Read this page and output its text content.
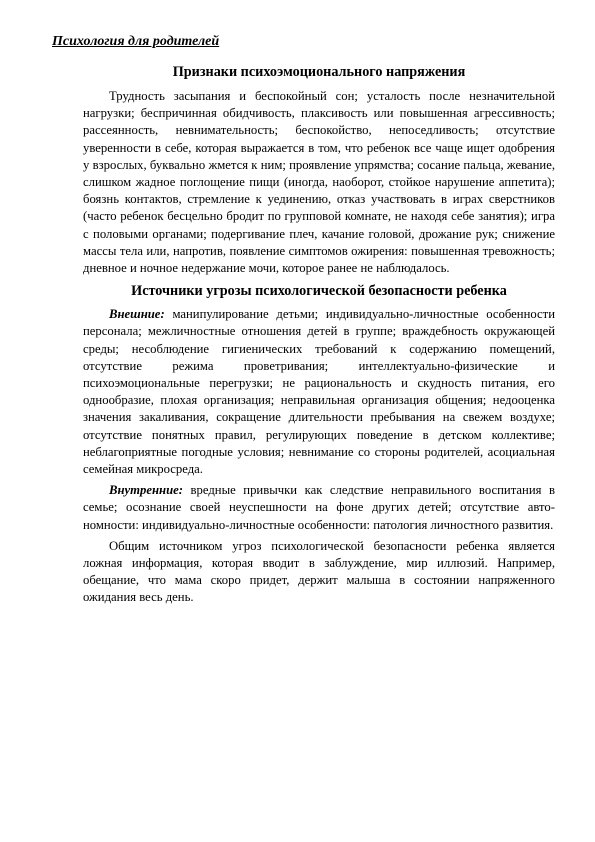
Психология для родителей
Признаки психоэмоционального напряжения

Трудность засыпания и беспокойный сон; усталость после незначительной нагрузки; беспричинная обидчивость, плаксивость или повышенная агрессивность; рассеянность, невнимательность; беспокойство, непоседливость; отсутствие уверенности в себе, которая выражается в том, что ребенок все чаще ищет одобрения у взрослых, буквально жмется к ним; проявление упрямства; сосание пальца, жевание, слишком жадное поглощение пищи (иногда, наоборот, стойкое нарушение аппетита); боязнь контактов, стремление к уединению, отказ участвовать в играх сверстников (часто ребенок бесцельно бродит по групповой комнате, не находя себе занятия); игра с половыми органами; подергивание плеч, качание головой, дрожание рук; снижение массы тела или, напротив, появление симптомов ожирения: повышенная тревожность; дневное и ночное недержание мочи, которое ранее не наблюдалось.

Источники угрозы психологической безопасности ребенка

Внешние: манипулирование детьми; индивидуально-личностные особенности персонала; межличностные отношения детей в группе; враждебность окружающей среды; несоблюдение гигиенических требований к содержанию помещений, отсутствие режима проветривания; интеллектуально-физические и психоэмоциональные перегрузки; не рациональность и скудность питания, его однообразие, плохая организация; неправильная организация общения; недооценка значения закаливания, сокращение длительности пребывания на свежем воздухе; отсутствие понятных правил, регулирующих поведение в детском коллективе; неблагоприятные погодные условия; невнимание со стороны родителей, асоциальная семейная микросреда.

Внутренние: вредные привычки как следствие неправильного воспитания в семье; осознание своей неуспешности на фоне других детей; отсутствие автономности: индивидуально-личностные особенности: патология личностного развития.

Общим источником угроз психологической безопасности ребенка является ложная информация, которая вводит в заблуждение, мир иллюзий. Например, обещание, что мама скоро придет, держит малыша в состоянии напряженного ожидания весь день.
